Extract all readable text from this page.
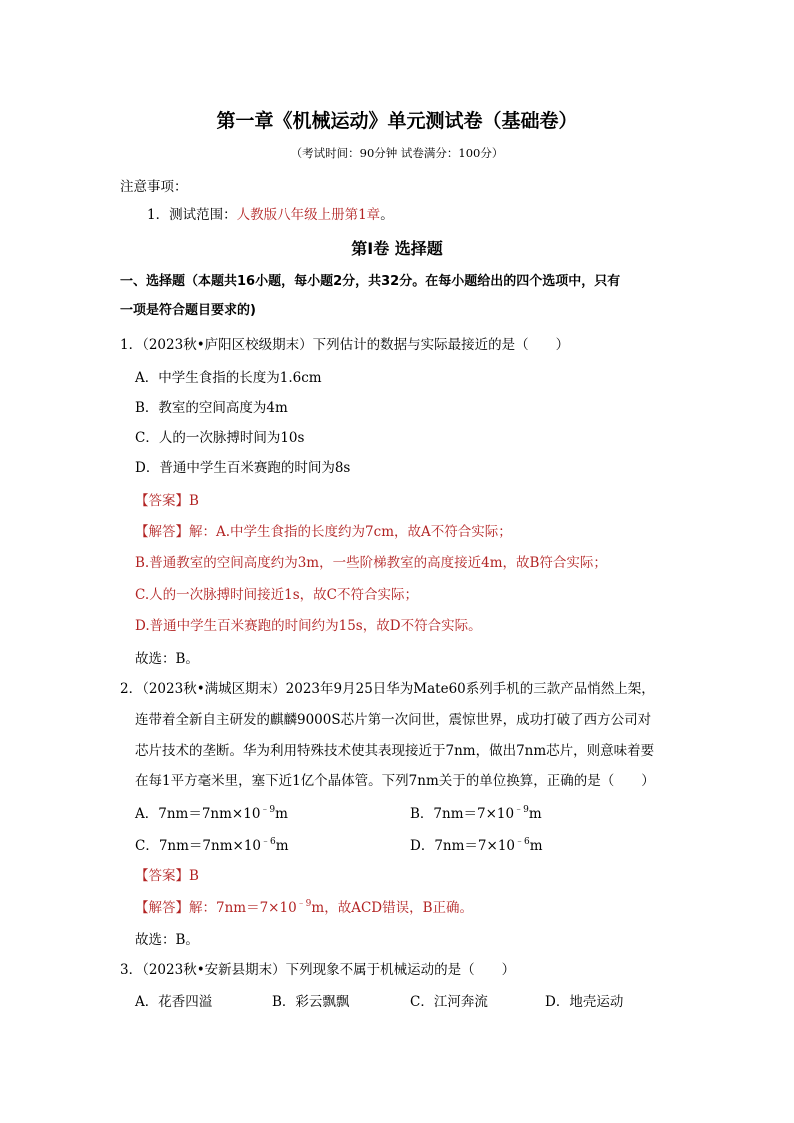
第一章《机械运动》单元测试卷（基础卷）
（考试时间：90分钟 试卷满分：100分）
注意事项：
1．测试范围：人教版八年级上册第1章。
第Ⅰ卷 选择题
一、选择题（本题共16小题，每小题2分，共32分。在每小题给出的四个选项中，只有
一项是符合题目要求的)
1．（2023秋•庐阳区校级期末）下列估计的数据与实际最接近的是（　　）
A．中学生食指的长度为1.6cm
B．教室的空间高度为4m
C．人的一次脉搏时间为10s
D．普通中学生百米赛跑的时间为8s
【答案】B
【解答】解：A.中学生食指的长度约为7cm，故A不符合实际；
B.普通教室的空间高度约为3m，一些阶梯教室的高度接近4m，故B符合实际；
C.人的一次脉搏时间接近1s，故C不符合实际；
D.普通中学生百米赛跑的时间约为15s，故D不符合实际。
故选：B。
2．（2023秋•满城区期末）2023年9月25日华为Mate60系列手机的三款产品悄然上架，
连带着全新自主研发的麒麟9000S芯片第一次问世，震惊世界，成功打破了西方公司对
芯片技术的垄断。华为利用特殊技术使其表现接近于7nm，做出7nm芯片，则意味着要
在每1平方毫米里，塞下近1亿个晶体管。下列7nm关于的单位换算，正确的是（　　）
A．$7nm=7nm\times 10^{﹣9}m$	B．$7nm=7\times 10^{﹣9}m$
C．$7nm=7nm\times 10^{﹣6}m$	D．$7nm=7\times 10^{﹣6}m$
【答案】B
【解答】解：$7nm=7\times 10^{﹣9}m$，故ACD错误，B正确。
故选：B。
3．（2023秋•安新县期末）下列现象不属于机械运动的是（　　）
A．花香四溢	B．彩云飘飘	C．江河奔流	D．地壳运动
